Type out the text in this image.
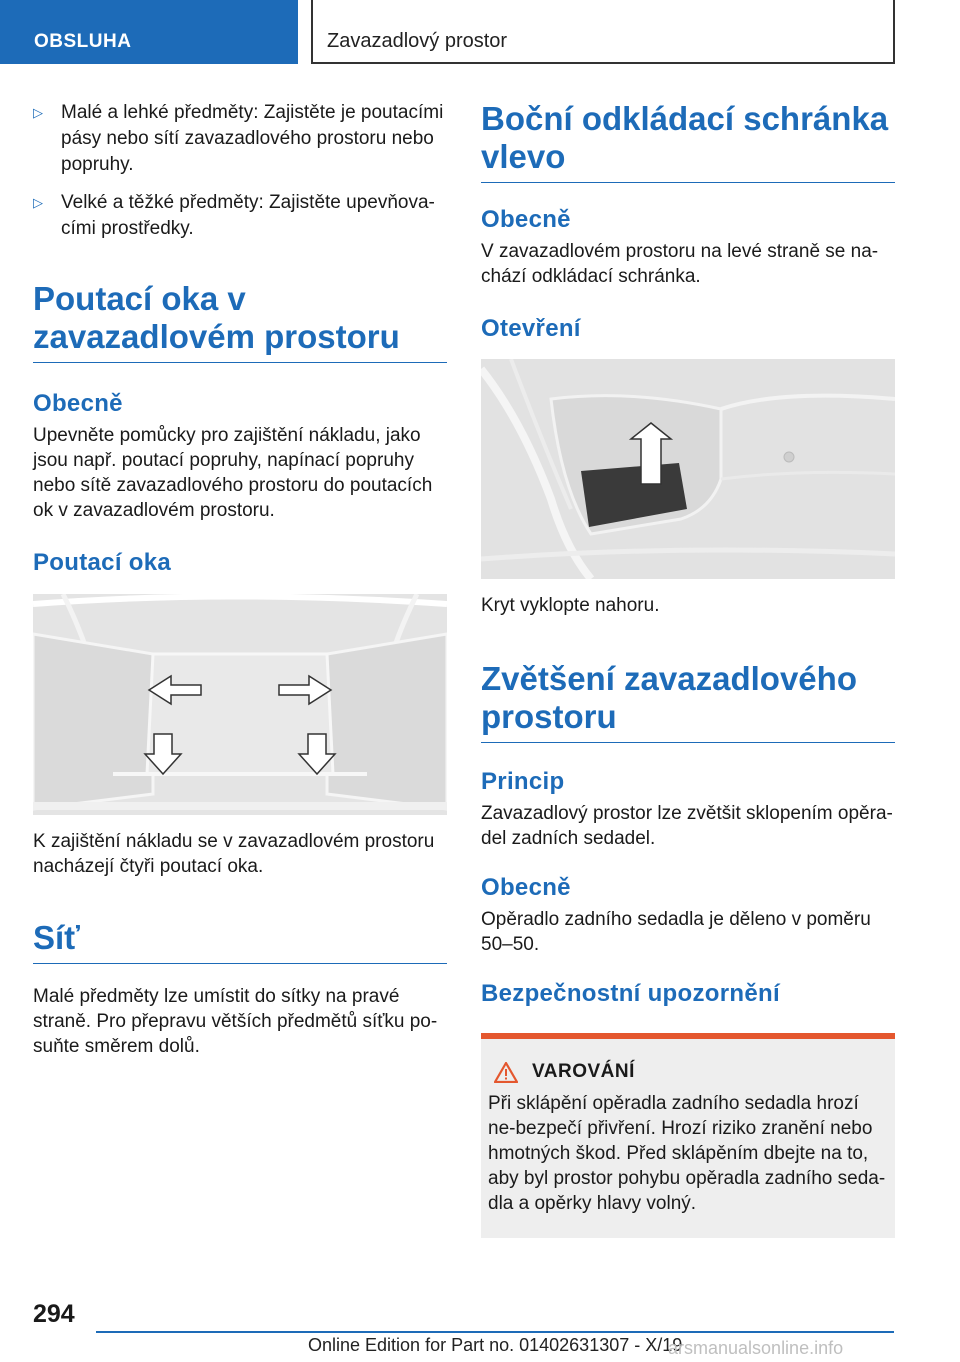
OBSLUHA	Zavazadlový prostor
▷ Malé a lehké předměty: Zajistěte je poutacími pásy nebo sítí zavazadlového prostoru nebo popruhy.
▷ Velké a těžké předměty: Zajistěte upevňova‐cími prostředky.
Poutací oka v zavazadlovém prostoru
Obecně

Upevněte pomůcky pro zajištění nákladu, jako jsou např. poutací popruhy, napínací popruhy nebo sítě zavazadlového prostoru do poutacích ok v zavazadlovém prostoru.

Poutací oka

K zajištění nákladu se v zavazadlovém prostoru nacházejí čtyři poutací oka.

Síť

Malé předměty lze umístit do sítky na pravé straně. Pro přepravu větších předmětů síťku po‐suňte směrem dolů.

Boční odkládací schránka vlevo
Obecně

V zavazadlovém prostoru na levé straně se na‐chází odkládací schránka.

Otevření

Kryt vyklopte nahoru.

Zvětšení zavazadlového prostoru
Princip

Zavazadlový prostor lze zvětšit sklopením opěra‐del zadních sedadel.

Obecně

Opěradlo zadního sedadla je děleno v poměru 50–50.

Bezpečnostní upozornění
VAROVÁNÍ

Při sklápění opěradla zadního sedadla hrozí ne‐bezpečí přivření. Hrozí riziko zranění nebo hmotných škod. Před sklápěním dbejte na to, aby byl prostor pohybu opěradla zadního seda‐dla a opěrky hlavy volný.

294
Online Edition for Part no. 01402631307 - X/19
arsmanualsonline.info
